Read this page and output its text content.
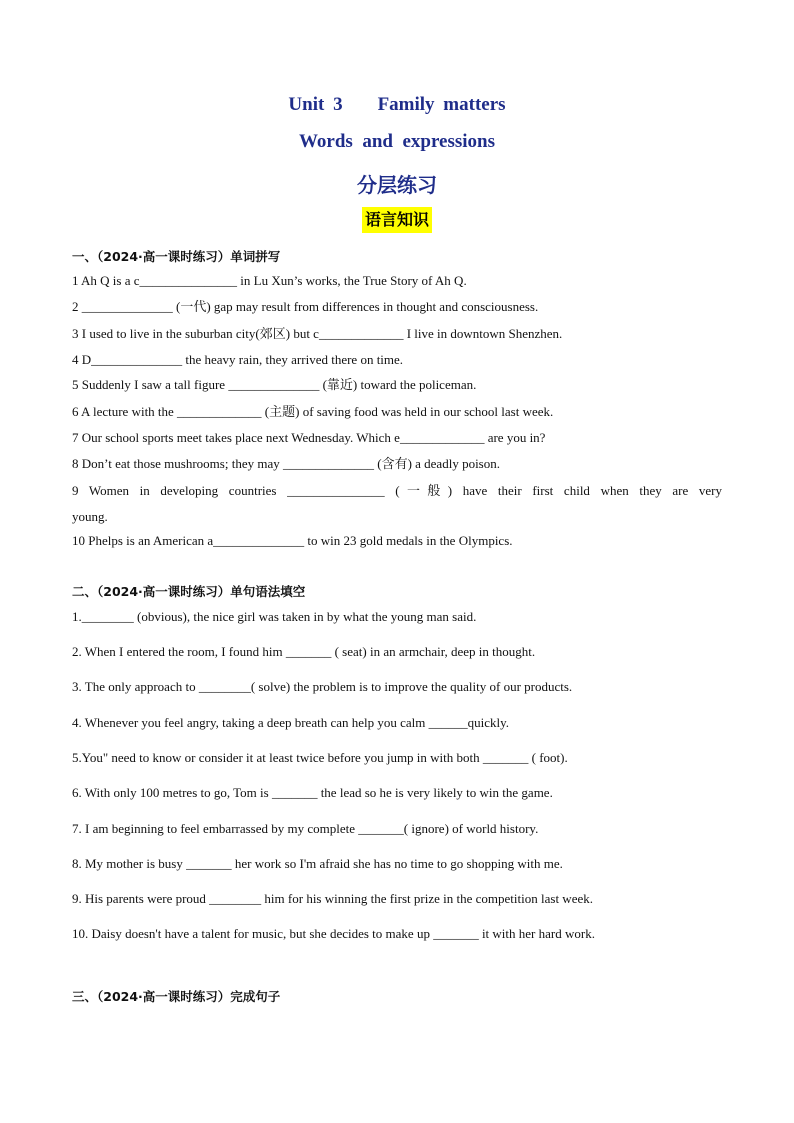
Unit 3    Family matters
Words  and  expressions
分层练习
语言知识
一、（2024·高一课时练习）单词拼写
1 Ah Q is a c_______________ in Lu Xun’s works, the True Story of Ah Q.
2 ______________ (一代) gap may result from differences in thought and consciousness.
3 I used to live in the suburban city(郊区) but c_____________ I live in downtown Shenzhen.
4 D______________ the heavy rain, they arrived there on time.
5 Suddenly I saw a tall figure ______________ (靠近) toward the policeman.
6 A lecture with the _____________ (主题) of saving food was held in our school last week.
7 Our school sports meet takes place next Wednesday. Which e_____________ are you in?
8 Don’t eat those mushrooms; they may ______________ (含有) a deadly poison.
9 Women in developing countries _______________ (一般) have their first child when they are very
young.
10 Phelps is an American a______________ to win 23 gold medals in the Olympics.
二、（2024·高一课时练习）单句语法填空
1.________ (obvious), the nice girl was taken in by what the young man said.
2. When I entered the room, I found him _______ ( seat) in an armchair, deep in thought.
3. The only approach to ________( solve) the problem is to improve the quality of our products.
4. Whenever you feel angry, taking a deep breath can help you calm ______quickly.
5.You" need to know or consider it at least twice before you jump in with both _______ ( foot).
6. With only 100 metres to go, Tom is _______ the lead so he is very likely to win the game.
7. I am beginning to feel embarrassed by my complete _______( ignore) of world history.
8. My mother is busy _______ her work so I'm afraid she has no time to go shopping with me.
9. His parents were proud ________ him for his winning the first prize in the competition last week.
10. Daisy doesn't have a talent for music, but she decides to make up _______ it with her hard work.
三、（2024·高一课时练习）完成句子
